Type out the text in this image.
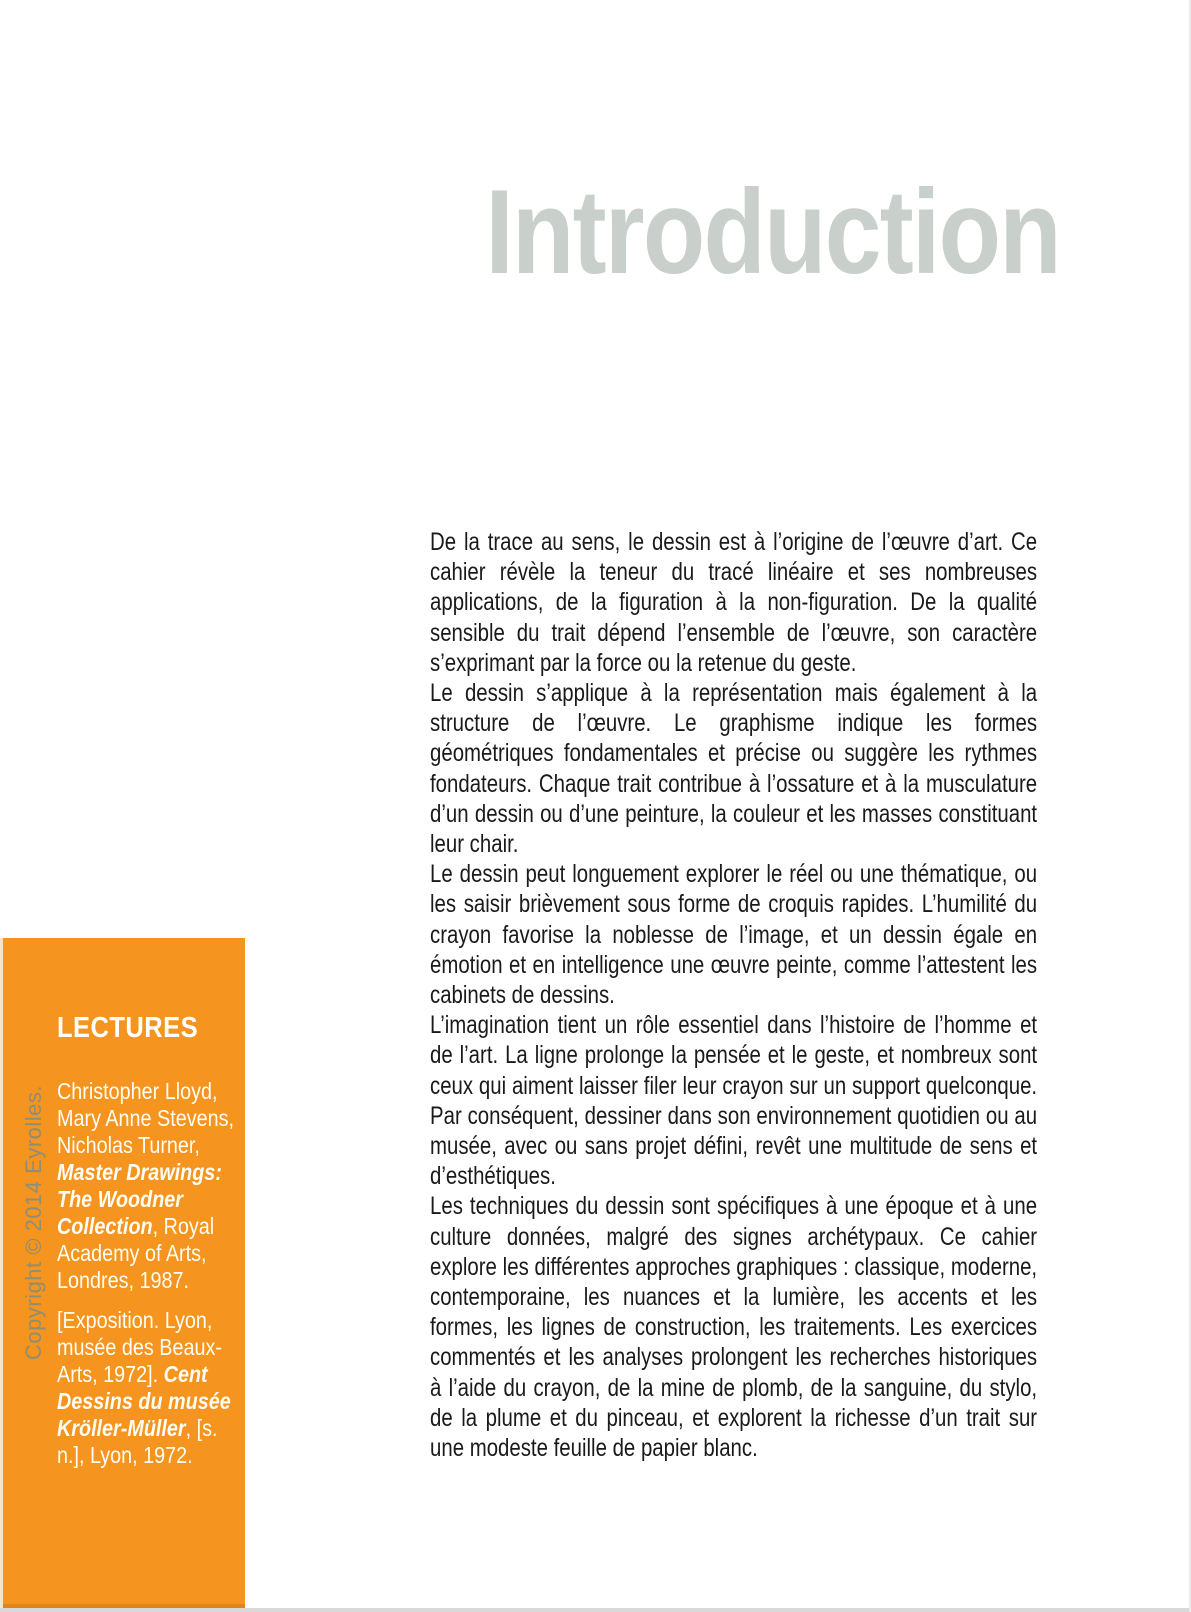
Introduction

De la trace au sens, le dessin est à l’origine de l’œuvre d’art. Ce cahier révèle la teneur du tracé linéaire et ses nombreuses applications, de la figuration à la non-figuration. De la qualité sensible du trait dépend l’ensemble de l’œuvre, son caractère s’exprimant par la force ou la retenue du geste.

Le dessin s’applique à la représentation mais également à la structure de l’œuvre. Le graphisme indique les formes géométriques fondamentales et précise ou suggère les rythmes fondateurs. Chaque trait contribue à l’ossature et à la musculature d’un dessin ou d’une peinture, la couleur et les masses constituant leur chair.

Le dessin peut longuement explorer le réel ou une thématique, ou les saisir brièvement sous forme de croquis rapides. L’humilité du crayon favorise la noblesse de l’image, et un dessin égale en émotion et en intelligence une œuvre peinte, comme l’attestent les cabinets de dessins.

L’imagination tient un rôle essentiel dans l’histoire de l’homme et de l’art. La ligne prolonge la pensée et le geste, et nombreux sont ceux qui aiment laisser filer leur crayon sur un support quelconque. Par conséquent, dessiner dans son environnement quotidien ou au musée, avec ou sans projet défini, revêt une multitude de sens et d’esthétiques.

Les techniques du dessin sont spécifiques à une époque et à une culture données, malgré des signes archétypaux. Ce cahier explore les différentes approches graphiques : classique, moderne, contemporaine, les nuances et la lumière, les accents et les formes, les lignes de construction, les traitements. Les exercices commentés et les analyses prolongent les recherches historiques à l’aide du crayon, de la mine de plomb, de la sanguine, du stylo, de la plume et du pinceau, et explorent la richesse d’un trait sur une modeste feuille de papier blanc.

LECTURES
Christopher Lloyd, Mary Anne Stevens, Nicholas Turner, Master Drawings: The Woodner Collection, Royal Academy of Arts, Londres, 1987.
[Exposition. Lyon, musée des Beaux-Arts, 1972]. Cent Dessins du musée Kröller-Müller, [s. n.], Lyon, 1972.
Copyright © 2014 Eyrolles.
